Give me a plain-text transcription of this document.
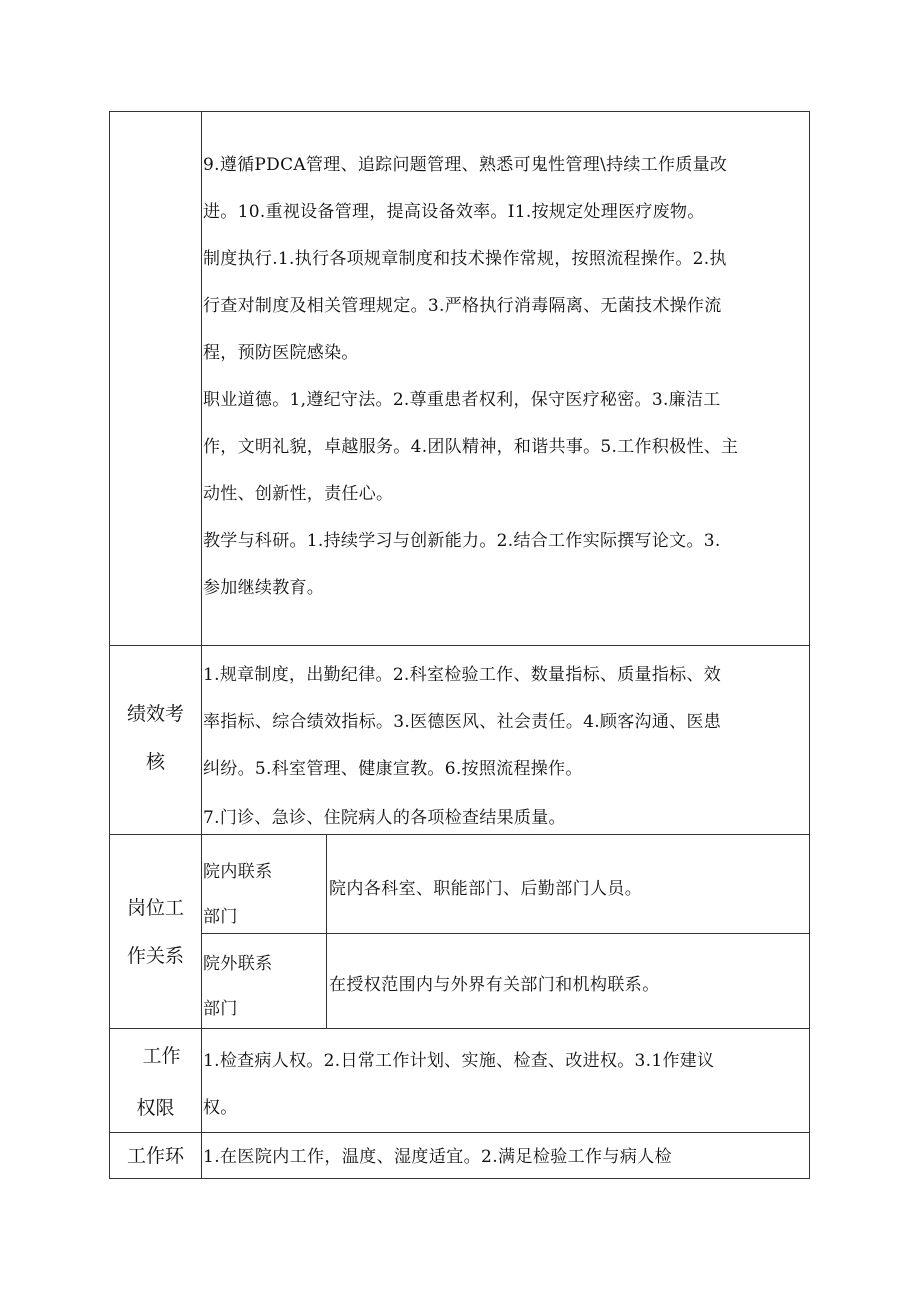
9.遵循PDCA管理、追踪问题管理、熟悉可鬼性管理\持续工作质量改
进。10.重视设备管理，提高设备效率。I1.按规定处理医疗废物。
制度执行.1.执行各项规章制度和技术操作常规，按照流程操作。2.执
行查对制度及相关管理规定。3.严格执行消毒隔离、无菌技术操作流
程，预防医院感染。
职业道德。1,遵纪守法。2.尊重患者权利，保守医疗秘密。3.廉洁工
作，文明礼貌，卓越服务。4.团队精神，和谐共事。5.工作积极性、主
动性、创新性，责任心。
教学与科研。1.持续学习与创新能力。2.结合工作实际撰写论文。3.
参加继续教育。
绩效考
核
1.规章制度，出勤纪律。2.科室检验工作、数量指标、质量指标、效
率指标、综合绩效指标。3.医德医风、社会责任。4.顾客沟通、医患
纠纷。5.科室管理、健康宣教。6.按照流程操作。
7.门诊、急诊、住院病人的各项检查结果质量。
岗位工
作关系
院内联系
部门
院内各科室、职能部门、后勤部门人员。
院外联系
部门
在授权范围内与外界有关部门和机构联系。
工作
权限
1.检查病人权。2.日常工作计划、实施、检查、改进权。3.1作建议
权。
工作环	1.在医院内工作，温度、湿度适宜。2.满足检验工作与病人检
